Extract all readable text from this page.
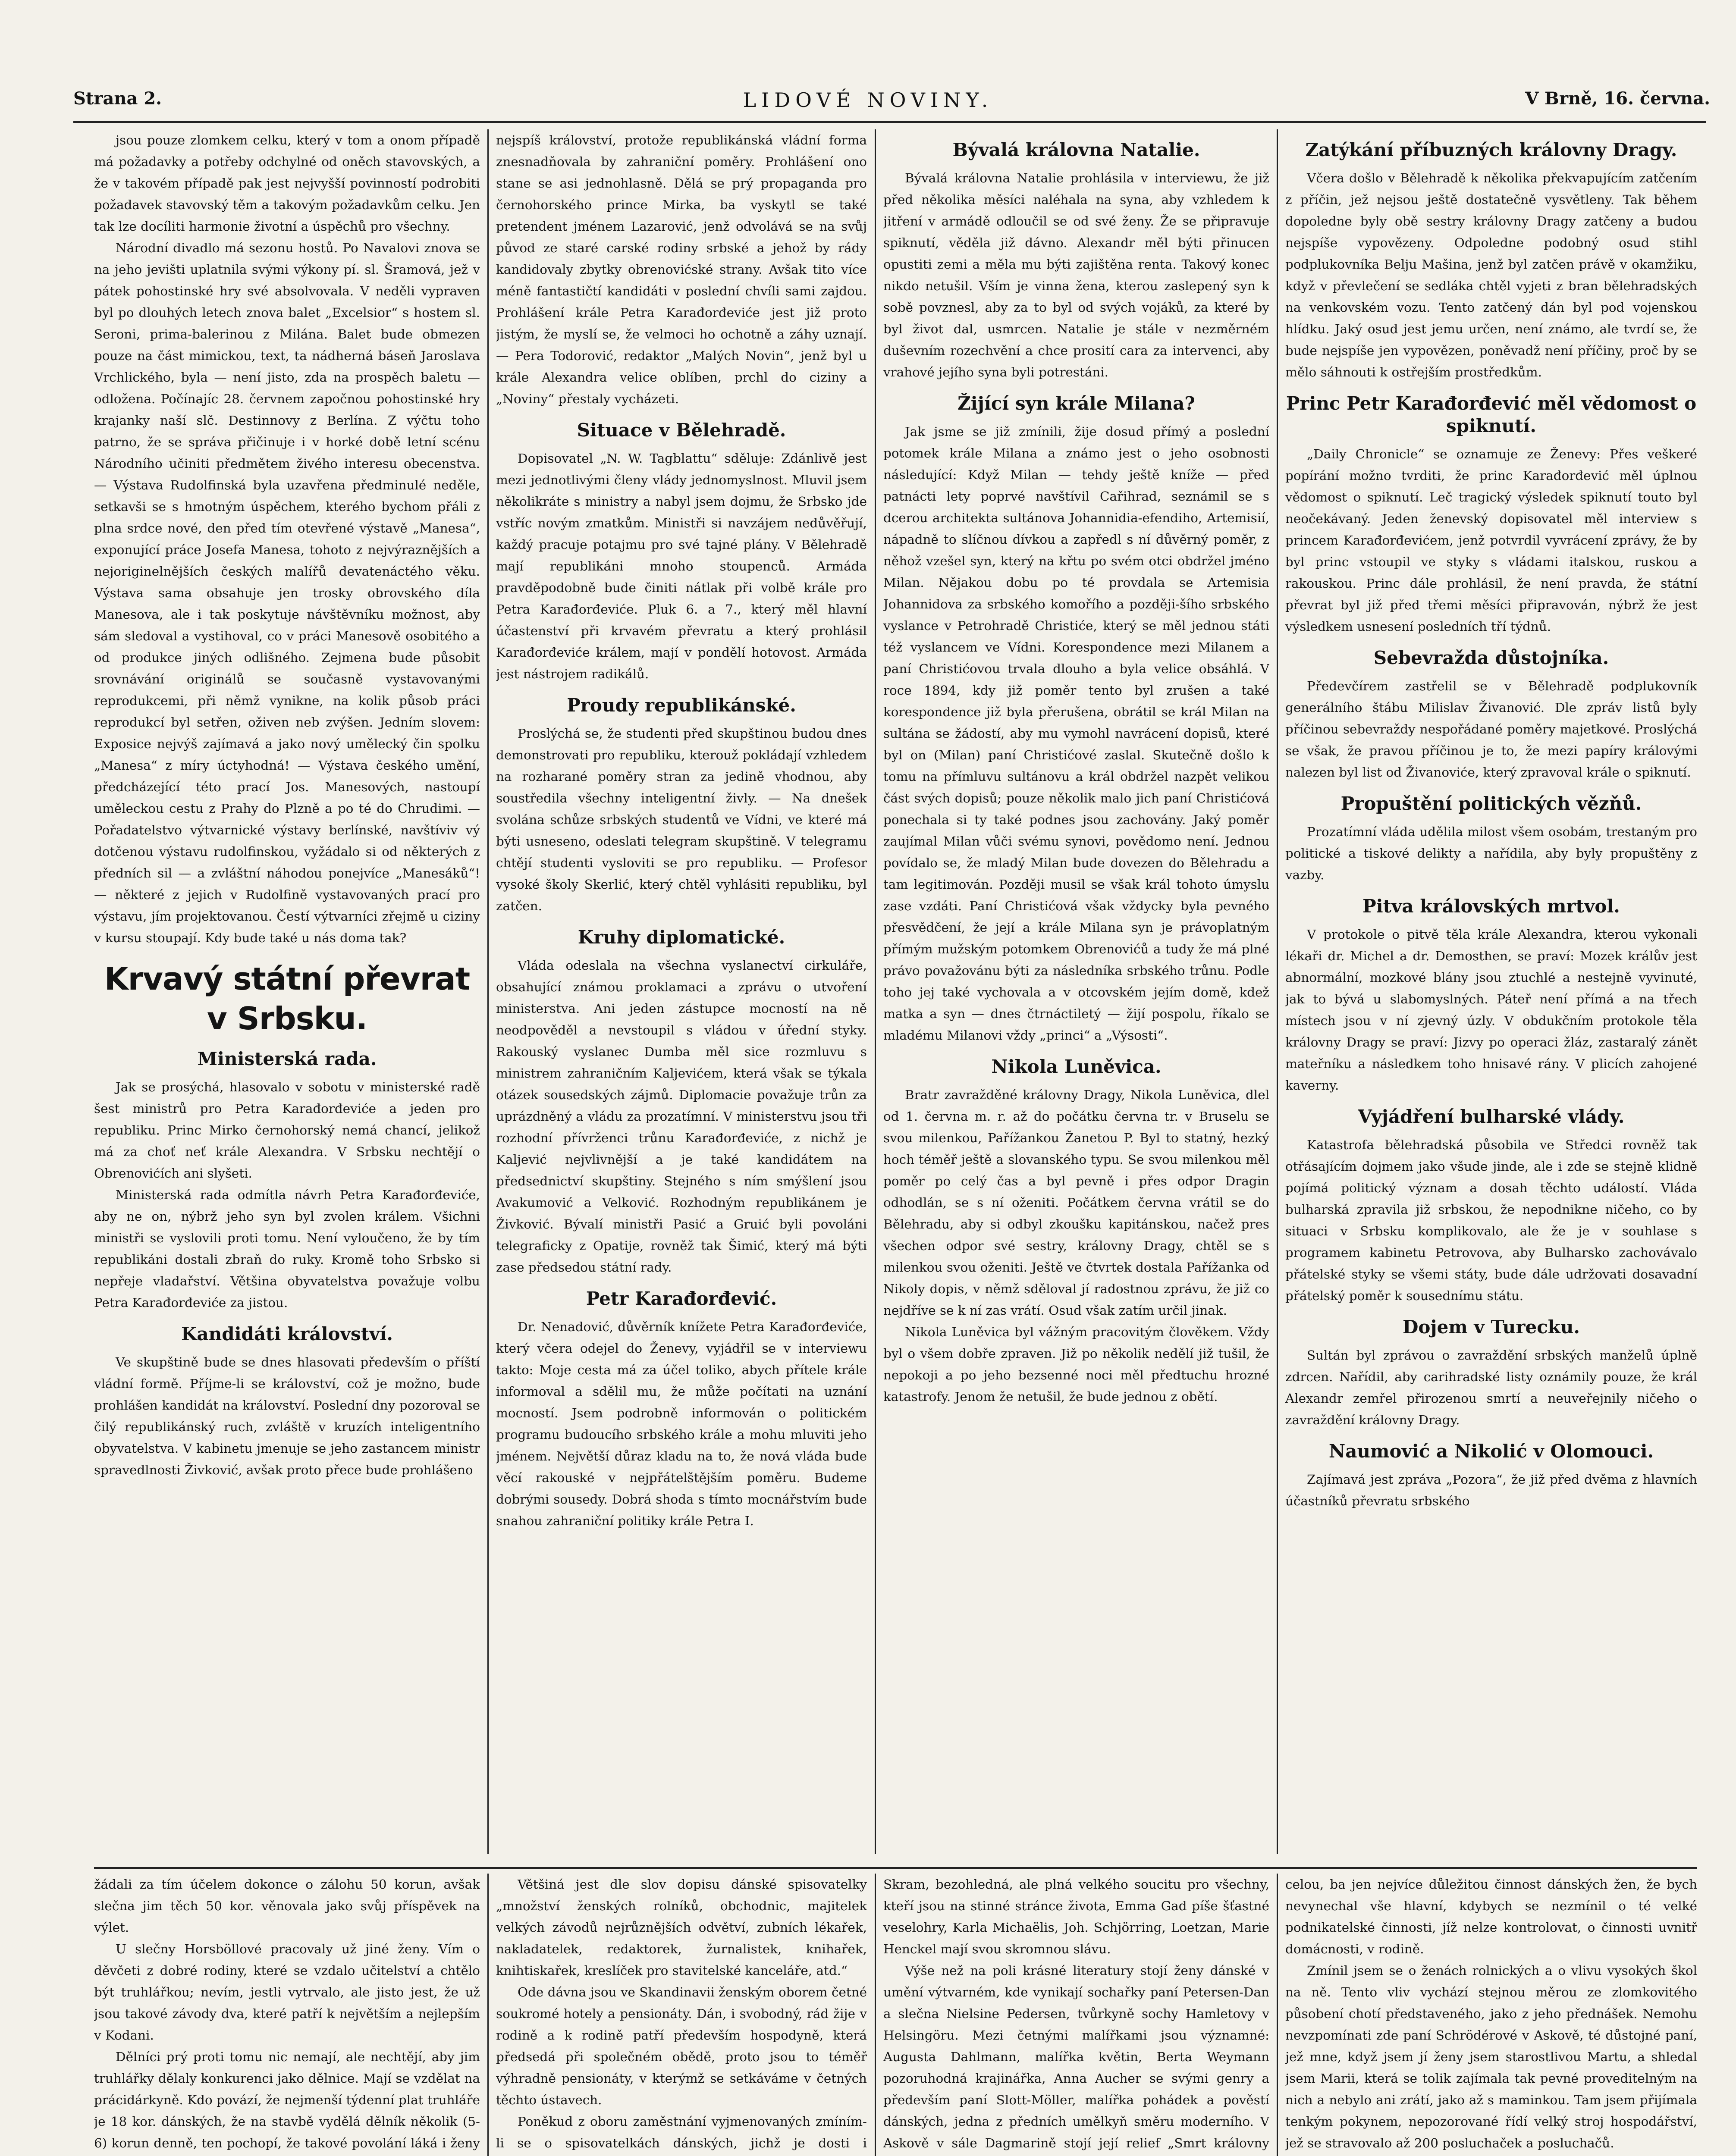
Strana 2.	LIDOVÉ NOVINY.	V Brně, 16. června.

jsou pouze zlomkem celku, který v tom a onom případě má požadavky a potřeby odchylné od oněch stavovských, a že v takovém případě pak jest nejvyšší povinností podrobiti požadavek stavovský těm a takovým požadavkům celku. Jen tak lze docíliti harmonie životní a úspěchů pro všechny.

Národní divadlo má sezonu hostů. Po Navalovi znova se na jeho jevišti uplatnila svými výkony pí. sl. Šramová, jež v pátek pohostinské hry své absolvovala. V neděli vypraven byl po dlouhých letech znova balet „Excelsior“ s hostem sl. Seroni, prima-balerinou z Milána. Balet bude obmezen pouze na část mimickou, text, ta nádherná báseň Jaroslava Vrchlického, byla — není jisto, zda na prospěch baletu — odložena. Počínajíc 28. červnem započnou pohostinské hry krajanky naší slč. Destinnovy z Berlína. Z výčtu toho patrno, že se správa přičinuje i v horké době letní scénu Národního učiniti předmětem živého interesu obecenstva. — Výstava Rudolfinská byla uzavřena předminulé neděle, setkavši se s hmotným úspěchem, kterého bychom přáli z plna srdce nové, den před tím otevřené výstavě „Manesa“, exponující práce Josefa Manesa, tohoto z nejvýraznějších a nejoriginelnějších českých malířů devatenáctého věku. Výstava sama obsahuje jen trosky obrovského díla Manesova, ale i tak poskytuje návštěvníku možnost, aby sám sledoval a vystihoval, co v práci Manesově osobitého a od produkce jiných odlišného. Zejmena bude působit srovnávání originálů se současně vystavovanými reprodukcemi, při němž vynikne, na kolik působ práci reprodukcí byl setřen, oživen neb zvýšen. Jedním slovem: Exposice nejvýš zajímavá a jako nový umělecký čin spolku „Manesa“ z míry úctyhodná! — Výstava českého umění, předcházející této prací Jos. Manesových, nastoupí uměleckou cestu z Prahy do Plzně a po té do Chrudimi. — Pořadatelstvo výtvarnické výstavy berlínské, navštíviv vý dotčenou výstavu rudolfinskou, vyžádalo si od některých z předních sil — a zvláštní náhodou ponejvíce „Manesáků“! — některé z jejich v Rudolfině vystavovaných prací pro výstavu, jím projektovanou. Čestí výtvarníci zřejmě u ciziny v kursu stoupají. Kdy bude také u nás doma tak?

Krvavý státní převrat v Srbsku.
Ministerská rada.

Jak se prosýchá, hlasovalo v sobotu v ministerské radě šest ministrů pro Petra Karađorđeviće a jeden pro republiku. Princ Mirko černohorský nemá chancí, jelikož má za choť neť krále Alexandra. V Srbsku nechtějí o Obrenovićích ani slyšeti.

Ministerská rada odmítla návrh Petra Karađorđeviće, aby ne on, nýbrž jeho syn byl zvolen králem. Všichni ministři se vyslovili proti tomu. Není vyloučeno, že by tím republikáni dostali zbraň do ruky. Kromě toho Srbsko si nepřeje vladařství. Většina obyvatelstva považuje volbu Petra Karađorđeviće za jistou.

Kandidáti království.

Ve skupštině bude se dnes hlasovati především o příští vládní formě. Příjme-li se království, což je možno, bude prohlášen kandidát na království. Poslední dny pozoroval se čilý republikánský ruch, zvláště v kruzích inteligentního obyvatelstva. V kabinetu jmenuje se jeho zastancem ministr spravedlnosti Živković, avšak proto přece bude prohlášeno

nejspíš království, protože republikánská vládní forma znesnadňovala by zahraniční poměry. Prohlášení ono stane se asi jednohlasně. Dělá se prý propaganda pro černohorského prince Mirka, ba vyskytl se také pretendent jménem Lazarović, jenž odvolává se na svůj původ ze staré carské rodiny srbské a jehož by rády kandidovaly zbytky obrenovićské strany. Avšak tito více méně fantastičtí kandidáti v poslední chvíli sami zajdou. Prohlášení krále Petra Karađorđeviće jest již proto jistým, že myslí se, že velmoci ho ochotně a záhy uznají. — Pera Todorović, redaktor „Malých Novin“, jenž byl u krále Alexandra velice oblíben, prchl do ciziny a „Noviny“ přestaly vycházeti.

Situace v Bělehradě.

Dopisovatel „N. W. Tagblattu“ sděluje: Zdánlivě jest mezi jednotlivými členy vlády jednomyslnost. Mluvil jsem několikráte s ministry a nabyl jsem dojmu, že Srbsko jde vstříc novým zmatkům. Ministři si navzájem nedůvěřují, každý pracuje potajmu pro své tajné plány. V Bělehradě mají republikáni mnoho stoupenců. Armáda pravděpodobně bude činiti nátlak při volbě krále pro Petra Karađorđeviće. Pluk 6. a 7., který měl hlavní účastenství při krvavém převratu a který prohlásil Karađorđeviće králem, mají v pondělí hotovost. Armáda jest nástrojem radikálů.

Proudy republikánské.

Proslýchá se, že studenti před skupštinou budou dnes demonstrovati pro republiku, kterouž pokládají vzhledem na rozharané poměry stran za jedině vhodnou, aby soustředila všechny inteligentní živly. — Na dnešek svolána schůze srbských studentů ve Vídni, ve které má býti usneseno, odeslati telegram skupštině. V telegramu chtějí studenti vysloviti se pro republiku. — Profesor vysoké školy Skerlić, který chtěl vyhlásiti republiku, byl zatčen.

Kruhy diplomatické.

Vláda odeslala na všechna vyslanectví cirkuláře, obsahující známou proklamaci a zprávu o utvoření ministerstva. Ani jeden zástupce mocností na ně neodpověděl a nevstoupil s vládou v úřední styky. Rakouský vyslanec Dumba měl sice rozmluvu s ministrem zahraničním Kaljevićem, která však se týkala otázek sousedských zájmů. Diplomacie považuje trůn za uprázdněný a vládu za prozatímní. V ministerstvu jsou tři rozhodní přívrženci trůnu Karađorđeviće, z nichž je Kaljević nejvlivnější a je také kandidátem na předsednictví skupštiny. Stejného s ním smýšlení jsou Avakumović a Velković. Rozhodným republikánem je Živković. Bývalí ministři Pasić a Gruić byli povoláni telegraficky z Opatije, rovněž tak Šimić, který má býti zase předsedou státní rady.

Petr Karađorđević.

Dr. Nenadović, důvěrník knížete Petra Karađorđeviće, který včera odejel do Ženevy, vyjádřil se v interviewu takto: Moje cesta má za účel toliko, abych přítele krále informoval a sdělil mu, že může počítati na uznání mocností. Jsem podrobně informován o politickém programu budoucího srbského krále a mohu mluviti jeho jménem. Největší důraz kladu na to, že nová vláda bude věcí rakouské v nejpřátelštějším poměru. Budeme dobrými sousedy. Dobrá shoda s tímto mocnářstvím bude snahou zahraniční politiky krále Petra I.

Bývalá královna Natalie.

Bývalá královna Natalie prohlásila v interviewu, že již před několika měsíci naléhala na syna, aby vzhledem k jitření v armádě odloučil se od své ženy. Že se připravuje spiknutí, věděla již dávno. Alexandr měl býti přinucen opustiti zemi a měla mu býti zajištěna renta. Takový konec nikdo netušil. Vším je vinna žena, kterou zaslepený syn k sobě povznesl, aby za to byl od svých vojáků, za které by byl život dal, usmrcen. Natalie je stále v nezměrném duševním rozechvění a chce prosití cara za intervenci, aby vrahové jejího syna byli potrestáni.

Žijící syn krále Milana?

Jak jsme se již zmínili, žije dosud přímý a poslední potomek krále Milana a známo jest o jeho osobnosti následující: Když Milan — tehdy ještě kníže — před patnácti lety poprvé navštívil Cařihrad, seznámil se s dcerou architekta sultánova Johannidia-efendiho, Artemisií, nápadně to slíčnou dívkou a zapředl s ní důvěrný poměr, z něhož vzešel syn, který na křtu po svém otci obdržel jméno Milan. Nějakou dobu po té provdala se Artemisia Johannidova za srbského komořího a později-šího srbského vyslance v Petrohradě Christiće, který se měl jednou státi též vyslancem ve Vídni. Korespondence mezi Milanem a paní Christićovou trvala dlouho a byla velice obsáhlá. V roce 1894, kdy již poměr tento byl zrušen a také korespondence již byla přerušena, obrátil se král Milan na sultána se žádostí, aby mu vymohl navrácení dopisů, které byl on (Milan) paní Christićové zaslal. Skutečně došlo k tomu na přímluvu sultánovu a král obdržel nazpět velikou část svých dopisů; pouze několik malo jich paní Christićová ponechala si ty také podnes jsou zachovány. Jaký poměr zaujímal Milan vůči svému synovi, povědomo není. Jednou povídalo se, že mladý Milan bude dovezen do Bělehradu a tam legitimován. Později musil se však král tohoto úmyslu zase vzdáti. Paní Christićová však vždycky byla pevného přesvědčení, že její a krále Milana syn je právoplatným přímým mužským potomkem Obrenovićů a tudy že má plné právo považovánu býti za následníka srbského trůnu. Podle toho jej také vychovala a v otcovském jejím domě, kdež matka a syn — dnes čtrnáctiletý — žijí pospolu, říkalo se mladému Milanovi vždy „princi“ a „Výsosti“.

Nikola Luněvica.

Bratr zavražděné královny Dragy, Nikola Luněvica, dlel od 1. června m. r. až do počátku června tr. v Bruselu se svou milenkou, Pařížankou Žanetou P. Byl to statný, hezký hoch téměř ještě a slovanského typu. Se svou milenkou měl poměr po celý čas a byl pevně i přes odpor Dragin odhodlán, se s ní oženiti. Počátkem června vrátil se do Bělehradu, aby si odbyl zkoušku kapitánskou, načež pres všechen odpor své sestry, královny Dragy, chtěl se s milenkou svou oženiti. Ještě ve čtvrtek dostala Pařížanka od Nikoly dopis, v němž sděloval jí radostnou zprávu, že již co nejdříve se k ní zas vrátí. Osud však zatím určil jinak.

Nikola Luněvica byl vážným pracovitým člověkem. Vždy byl o všem dobře zpraven. Již po několik nedělí již tušil, že nepokoji a po jeho bezsenné noci měl předtuchu hrozné katastrofy. Jenom že netušil, že bude jednou z obětí.

Zatýkání příbuzných královny Dragy.

Včera došlo v Bělehradě k několika překvapujícím zatčením z příčin, jež nejsou ještě dostatečně vysvětleny. Tak během dopoledne byly obě sestry královny Dragy zatčeny a budou nejspíše vypovězeny. Odpoledne podobný osud stihl podplukovníka Belju Mašina, jenž byl zatčen právě v okamžiku, když v převlečení se sedláka chtěl vyjeti z bran bělehradských na venkovském vozu. Tento zatčený dán byl pod vojenskou hlídku. Jaký osud jest jemu určen, není známo, ale tvrdí se, že bude nejspíše jen vypovězen, poněvadž není příčiny, proč by se mělo sáhnouti k ostřejším prostředkům.

Princ Petr Karađorđević měl vědomost o spiknutí.

„Daily Chronicle“ se oznamuje ze Ženevy: Přes veškeré popírání možno tvrditi, že princ Karađorđević měl úplnou vědomost o spiknutí. Leč tragický výsledek spiknutí touto byl neočekávaný. Jeden ženevský dopisovatel měl interview s princem Karađorđevićem, jenž potvrdil vyvrácení zprávy, že by byl princ vstoupil ve styky s vládami italskou, ruskou a rakouskou. Princ dále prohlásil, že není pravda, že státní převrat byl již před třemi měsíci připravován, nýbrž že jest výsledkem usnesení posledních tří týdnů.

Sebevražda důstojníka.

Předevčírem zastřelil se v Bělehradě podplukovník generálního štábu Milislav Živanović. Dle zpráv listů byly příčinou sebevraždy nespořádané poměry majetkové. Proslýchá se však, že pravou příčinou je to, že mezi papíry královými nalezen byl list od Živanoviće, který zpravoval krále o spiknutí.

Propuštění politických vězňů.

Prozatímní vláda udělila milost všem osobám, trestaným pro politické a tiskové delikty a nařídila, aby byly propuštěny z vazby.

Pitva královských mrtvol.

V protokole o pitvě těla krále Alexandra, kterou vykonali lékaři dr. Michel a dr. Demosthen, se praví: Mozek králův jest abnormální, mozkové blány jsou ztuchlé a nestejně vyvinuté, jak to bývá u slabomyslných. Páteř není přímá a na třech místech jsou v ní zjevný úzly. V obdukčním protokole těla královny Dragy se praví: Jizvy po operaci žláz, zastaralý zánět mateřníku a následkem toho hnisavé rány. V plicích zahojené kaverny.

Vyjádření bulharské vlády.

Katastrofa bělehradská působila ve Středci rovněž tak otřásajícím dojmem jako všude jinde, ale i zde se stejně klidně pojímá politický význam a dosah těchto událostí. Vláda bulharská zpravila již srbskou, že nepodnikne ničeho, co by situaci v Srbsku komplikovalo, ale že je v souhlase s programem kabinetu Petrovova, aby Bulharsko zachovávalo přátelské styky se všemi státy, bude dále udržovati dosavadní přátelský poměr k sousednímu státu.

Dojem v Turecku.

Sultán byl zprávou o zavraždění srbských manželů úplně zdrcen. Nařídil, aby carihradské listy oznámily pouze, že král Alexandr zemřel přirozenou smrtí a neuveřejnily ničeho o zavraždění královny Dragy.

Naumović a Nikolić v Olomouci.

Zajímavá jest zpráva „Pozora“, že již před dvěma z hlavních účastníků převratu srbského

žádali za tím účelem dokonce o zálohu 50 korun, avšak slečna jim těch 50 kor. věnovala jako svůj příspěvek na výlet.

U slečny Horsböllové pracovaly už jiné ženy. Vím o děvčeti z dobré rodiny, které se vzdalo učitelství a chtělo být truhlářkou; nevím, jestli vytrvalo, ale jisto jest, že už jsou takové závody dva, které patří k největším a nejlepším v Kodani.

Dělníci prý proti tomu nic nemají, ale nechtějí, aby jim truhlářky dělaly konkurenci jako dělnice. Mají se vzdělat na prácidárkyně. Kdo povází, že nejmenší týdenní plat truhláře je 18 kor. dánských, že na stavbě vydělá dělník několik (5-6) korun denně, ten pochopí, že takové povolání láká i ženy

Většiná jest dle slov dopisu dánské spisovatelky „množství ženských rolníků, obchodnic, majitelek velkých závodů nejrůznějších odvětví, zubních lékařek, nakladatelek, redaktorek, žurnalistek, knihařek, knihtiskařek, kreslíček pro stavitelské kanceláře, atd.“

Ode dávna jsou ve Skandinavii ženským oborem četné soukromé hotely a pensionáty. Dán, i svobodný, rád žije v rodině a k rodině patří především hospodyně, která předsedá při společném obědě, proto jsou to téměř výhradně pensionáty, v kterýmž se setkáváme v četných těchto ústavech.

Poněkud z oboru zaměstnání vyjmenovaných zmíním-li se o spisovatelkách dánských, jichž je dosti i

Skram, bezohledná, ale plná velkého soucitu pro všechny, kteří jsou na stinné stránce života, Emma Gad píše šťastné veselohry, Karla Michaëlis, Joh. Schjörring, Loetzan, Marie Henckel mají svou skromnou slávu.

Výše než na poli krásné literatury stojí ženy dánské v umění výtvarném, kde vynikají sochařky paní Petersen-Dan a slečna Nielsine Pedersen, tvůrkyně sochy Hamletovy v Helsingöru. Mezi četnými malířkami jsou významné: Augusta Dahlmann, malířka květin, Berta Weymann pozoruhodná krajinářka, Anna Aucher se svými genry a především paní Slott-Möller, malířka pohádek a pověstí dánských, jedna z předních umělkyň směru moderního. V Askově v sále Dagmarině stojí její relief „Smrt královny

celou, ba jen nejvíce důležitou činnost dánských žen, že bych nevynechal vše hlavní, kdybych se nezmínil o té velké podnikatelské činnosti, jíž nelze kontrolovat, o činnosti uvnitř domácnosti, v rodině.

Zmínil jsem se o ženách rolnických a o vlivu vysokých škol na ně. Tento vliv vychází stejnou měrou ze zlomkovitého působení chotí představeného, jako z jeho přednášek. Nemohu nevzpomínati zde paní Schrödérové v Askově, té důstojné paní, jež mne, když jsem jí ženy jsem starostlivou Martu, a shledal jsem Marii, která se tolik zajímala tak pevné proveditelným na nich a nebylo ani zrátí, jako až s maminkou. Tam jsem přijímala tenkým pokynem, nepozorované řídí velký stroj hospodářství, jež se stravovalo až 200 posluchaček a posluchačů.
